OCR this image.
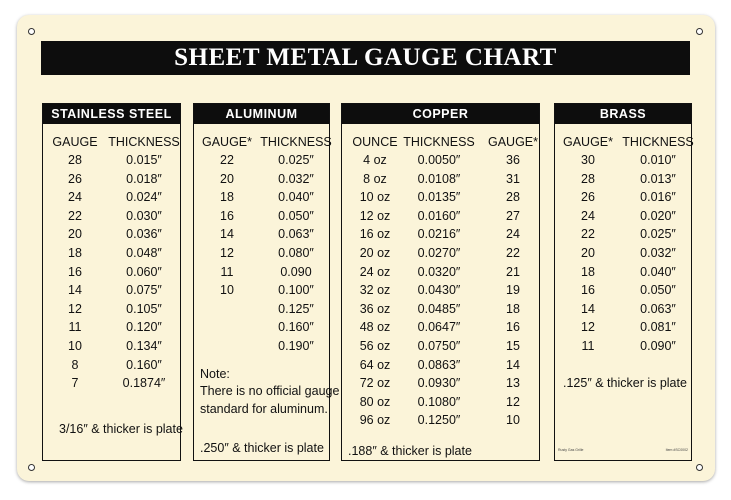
SHEET METAL GAUGE CHART
STAINLESS STEEL
GAUGE THICKNESS
28	0.015″
26	0.018″
24	0.024″
22	0.030″
20	0.036″
18	0.048″
16	0.060″
14	0.075″
12	0.105″
11	0.120″
10	0.134″
8	0.160″
7	0.1874″
3/16″ & thicker is plate
ALUMINUM
GAUGE* THICKNESS
22	0.025″
20	0.032″
18	0.040″
16	0.050″
14	0.063″
12	0.080″
11	0.090
10	0.100″
0.125″
0.160″
0.190″
Note:
There is no official gauge
standard for aluminum.
.250″ & thicker is plate
COPPER
OUNCE THICKNESS GAUGE*
4 oz 0.0050″	36
8 oz 0.0108″	31
10 oz 0.0135″	28
12 oz 0.0160″	27
16 oz 0.0216″	24
20 oz 0.0270″	22
24 oz 0.0320″	21
32 oz 0.0430″	19
36 oz 0.0485″	18
48 oz 0.0647″	16
56 oz 0.0750″	15
64 oz 0.0863″	14
72 oz 0.0930″	13
80 oz 0.1080″	12
96 oz 0.1250″	10
.188″ & thicker is plate
BRASS
GAUGE* THICKNESS
30	0.010″
28	0.013″
26	0.016″
24	0.020″
22	0.025″
20	0.032″
18	0.040″
16	0.050″
14	0.063″
12	0.081″
11	0.090″
.125″ & thicker is plate
Rusty Gas Grille	Item #SC0002
